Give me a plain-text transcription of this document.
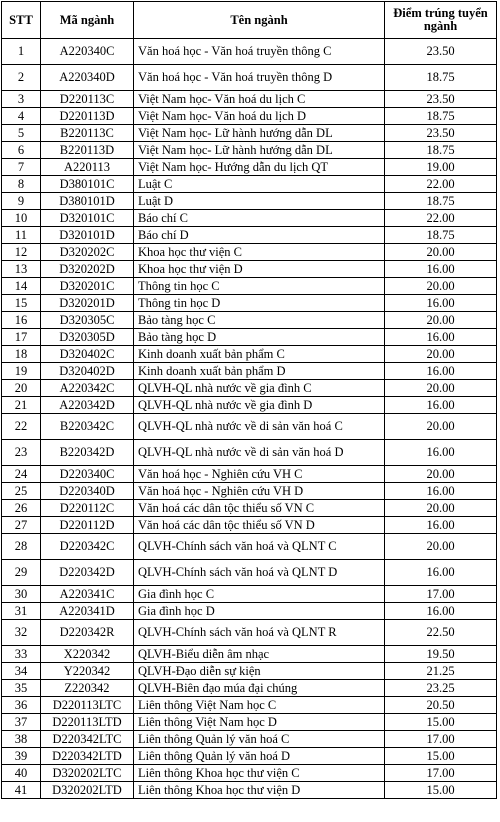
STT	Mã ngành	Tên ngành	Điểm trúng tuyển ngành
1	A220340C	Văn hoá học - Văn hoá truyền thông C	23.50
2	A220340D	Văn hoá học - Văn hoá truyền thông D	18.75
3	D220113C	Việt Nam học- Văn hoá du lịch C	23.50
4	D220113D	Việt Nam học- Văn hoá du lịch D	18.75
5	B220113C	Việt Nam học- Lữ hành hướng dẫn DL	23.50
6	B220113D	Việt Nam học- Lữ hành hướng dẫn DL	18.75
7	A220113	Việt Nam học- Hướng dẫn du lịch QT	19.00
8	D380101C	Luật C	22.00
9	D380101D	Luật D	18.75
10	D320101C	Báo chí C	22.00
11	D320101D	Báo chí D	18.75
12	D320202C	Khoa học thư viện C	20.00
13	D320202D	Khoa học thư viện D	16.00
14	D320201C	Thông tin học C	20.00
15	D320201D	Thông tin học D	16.00
16	D320305C	Bảo tàng học C	20.00
17	D320305D	Bảo tàng học D	16.00
18	D320402C	Kinh doanh xuất bản phẩm C	20.00
19	D320402D	Kinh doanh xuất bản phẩm D	16.00
20	A220342C	QLVH-QL nhà nước về gia đình C	20.00
21	A220342D	QLVH-QL nhà nước về gia đình D	16.00
22	B220342C	QLVH-QL nhà nước về di sản văn hoá C	20.00
23	B220342D	QLVH-QL nhà nước về di sản văn hoá D	16.00
24	D220340C	Văn hoá học - Nghiên cứu VH C	20.00
25	D220340D	Văn hoá học - Nghiên cứu VH D	16.00
26	D220112C	Văn hoá các dân tộc thiểu số VN C	20.00
27	D220112D	Văn hoá các dân tộc thiểu số VN D	16.00
28	D220342C	QLVH-Chính sách văn hoá và QLNT C	20.00
29	D220342D	QLVH-Chính sách văn hoá và QLNT D	16.00
30	A220341C	Gia đình học C	17.00
31	A220341D	Gia đình học D	16.00
32	D220342R	QLVH-Chính sách văn hoá và QLNT R	22.50
33	X220342	QLVH-Biểu diễn âm nhạc	19.50
34	Y220342	QLVH-Đạo diễn sự kiện	21.25
35	Z220342	QLVH-Biên đạo múa đại chúng	23.25
36	D220113LTC	Liên thông Việt Nam học C	20.50
37	D220113LTD	Liên thông Việt Nam học D	15.00
38	D220342LTC	Liên thông Quản lý văn hoá C	17.00
39	D220342LTD	Liên thông Quản lý văn hoá D	15.00
40	D320202LTC	Liên thông Khoa học thư viện C	17.00
41	D320202LTD	Liên thông Khoa học thư viện D	15.00
